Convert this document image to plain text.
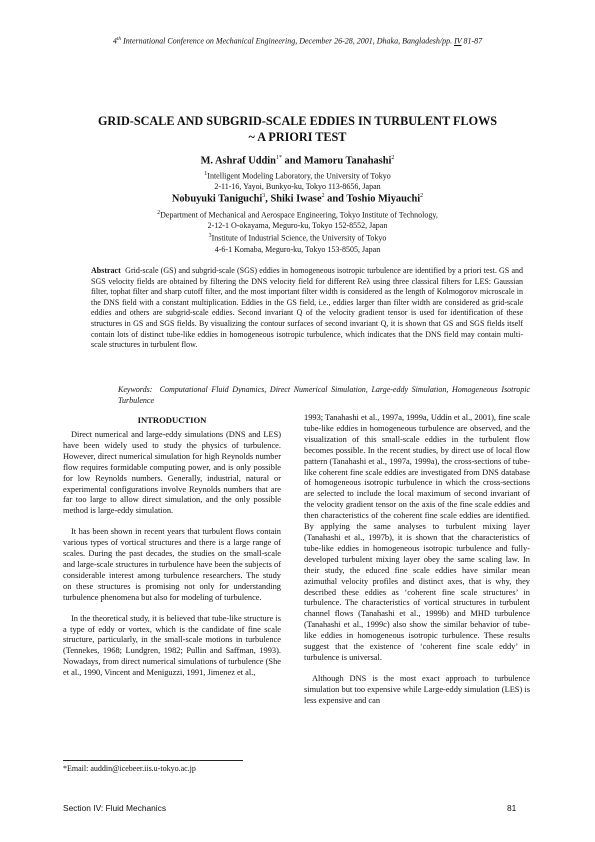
4th International Conference on Mechanical Engineering, December 26-28, 2001, Dhaka, Bangladesh/pp. IV 81-87
GRID-SCALE AND SUBGRID-SCALE EDDIES IN TURBULENT FLOWS
~ A PRIORI TEST
M. Ashraf Uddin$^{1*}$ and Mamoru Tanahashi$^2$
$^1$Intelligent Modeling Laboratory, the University of Tokyo
2-11-16, Yayoi, Bunkyo-ku, Tokyo 113-8656, Japan
Nobuyuki Taniguchi$^3$, Shiki Iwase$^2$ and Toshio Miyauchi$^2$
$^2$Department of Mechanical and Aerospace Engineering, Tokyo Institute of Technology,
2-12-1 O-okayama, Meguro-ku, Tokyo 152-8552, Japan
$^3$Institute of Industrial Science, the University of Tokyo
4-6-1 Komaba, Meguro-ku, Tokyo 153-8505, Japan
Abstract Grid-scale (GS) and subgrid-scale (SGS) eddies in homogeneous isotropic turbulence are identified by a priori test. GS and SGS velocity fields are obtained by filtering the DNS velocity field for different Reλ using three classical filters for LES: Gaussian filter, tophat filter and sharp cutoff filter, and the most important filter width is considered as the length of Kolmogorov microscale in the DNS field with a constant multiplication. Eddies in the GS field, i.e., eddies larger than filter width are considered as grid-scale eddies and others are subgrid-scale eddies. Second invariant Q of the velocity gradient tensor is used for identification of these structures in GS and SGS fields. By visualizing the contour surfaces of second invariant Q, it is shown that GS and SGS fields itself contain lots of distinct tube-like eddies in homogeneous isotropic turbulence, which indicates that the DNS field may contain multi-scale structures in turbulent flow.
Keywords: Computational Fluid Dynamics, Direct Numerical Simulation, Large-eddy Simulation, Homogeneous Isotropic Turbulence
INTRODUCTION

Direct numerical and large-eddy simulations (DNS and LES) have been widely used to study the physics of turbulence. However, direct numerical simulation for high Reynolds number flow requires formidable computing power, and is only possible for low Reynolds numbers. Generally, industrial, natural or experimental configurations involve Reynolds numbers that are far too large to allow direct simulation, and the only possible method is large-eddy simulation.

It has been shown in recent years that turbulent flows contain various types of vortical structures and there is a large range of scales. During the past decades, the studies on the small-scale and large-scale structures in turbulence have been the subjects of considerable interest among turbulence researchers. The study on these structures is promising not only for understanding turbulence phenomena but also for modeling of turbulence.

In the theoretical study, it is believed that tube-like structure is a type of eddy or vortex, which is the candidate of fine scale structure, particularly, in the small-scale motions in turbulence (Tennekes, 1968; Lundgren, 1982; Pullin and Saffman, 1993). Nowadays, from direct numerical simulations of turbulence (She et al., 1990, Vincent and Meniguzzi, 1991, Jimenez et al.,

1993; Tanahashi et al., 1997a, 1999a, Uddin et al., 2001), fine scale tube-like eddies in homogeneous turbulence are observed, and the visualization of this small-scale eddies in the turbulent flow becomes possible. In the recent studies, by direct use of local flow pattern (Tanahashi et al., 1997a, 1999a), the cross-sections of tube-like coherent fine scale eddies are investigated from DNS database of homogeneous isotropic turbulence in which the cross-sections are selected to include the local maximum of second invariant of the velocity gradient tensor on the axis of the fine scale eddies and then characteristics of the coherent fine scale eddies are identified. By applying the same analyses to turbulent mixing layer (Tanahashi et al., 1997b), it is shown that the characteristics of tube-like eddies in homogeneous isotropic turbulence and fully-developed turbulent mixing layer obey the same scaling law. In their study, the educed fine scale eddies have similar mean azimuthal velocity profiles and distinct axes, that is why, they described these eddies as ‘coherent fine scale structures’ in turbulence. The characteristics of vortical structures in turbulent channel flows (Tanahashi et al., 1999b) and MHD turbulence (Tanahashi et al., 1999c) also show the similar behavior of tube-like eddies in homogeneous isotropic turbulence. These results suggest that the existence of ‘coherent fine scale eddy’ in turbulence is universal.

Although DNS is the most exact approach to turbulence simulation but too expensive while Large-eddy simulation (LES) is less expensive and can

*Email: auddin@icebeer.iis.u-tokyo.ac.jp
Section IV: Fluid Mechanics	81
